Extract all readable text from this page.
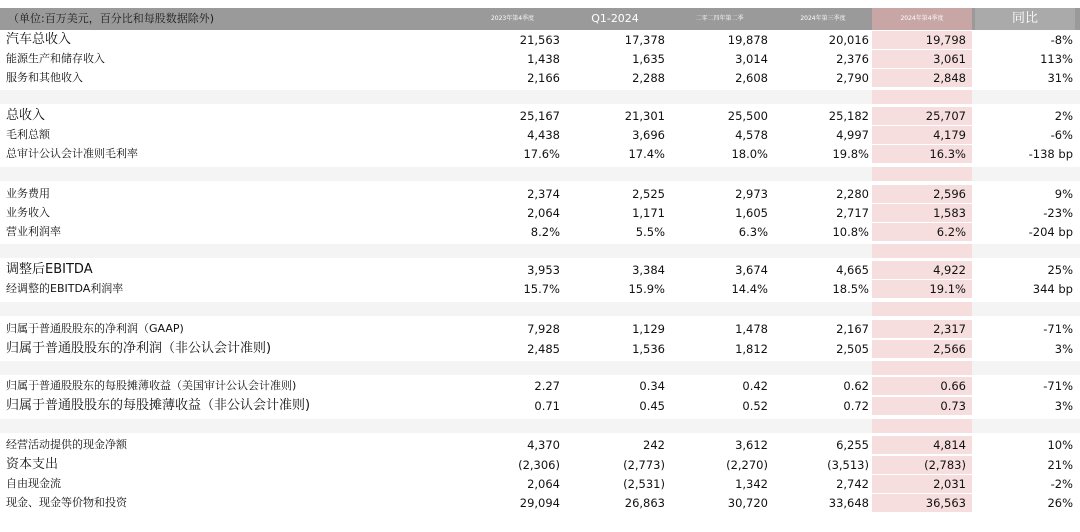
（单位:百万美元，百分比和每股数据除外)	2023年第4季度	Q1-2024	二零二四年第二季	2024年第三季度	2024年第4季度	同比
汽车总收入	21,563	17,378	19,878	20,016	19,798	-8%
能源生产和储存收入	1,438	1,635	3,014	2,376	3,061	113%
服务和其他收入	2,166	2,288	2,608	2,790	2,848	31%
总收入	25,167	21,301	25,500	25,182	25,707	2%
毛利总额	4,438	3,696	4,578	4,997	4,179	-6%
总审计公认会计准则毛利率	17.6%	17.4%	18.0%	19.8%	16.3%	-138 bp
业务费用	2,374	2,525	2,973	2,280	2,596	9%
业务收入	2,064	1,171	1,605	2,717	1,583	-23%
营业利润率	8.2%	5.5%	6.3%	10.8%	6.2%	-204 bp
调整后EBITDA	3,953	3,384	3,674	4,665	4,922	25%
经调整的EBITDA利润率	15.7%	15.9%	14.4%	18.5%	19.1%	344 bp
归属于普通股股东的净利润（GAAP)	7,928	1,129	1,478	2,167	2,317	-71%
归属于普通股股东的净利润（非公认会计准则)	2,485	1,536	1,812	2,505	2,566	3%
归属于普通股股东的每股摊薄收益（美国审计公认会计准则)	2.27	0.34	0.42	0.62	0.66	-71%
归属于普通股股东的每股摊薄收益（非公认会计准则)	0.71	0.45	0.52	0.72	0.73	3%
经营活动提供的现金净额	4,370	242	3,612	6,255	4,814	10%
资本支出	(2,306)	(2,773)	(2,270)	(3,513)	(2,783)	21%
自由现金流	2,064	(2,531)	1,342	2,742	2,031	-2%
现金、现金等价物和投资	29,094	26,863	30,720	33,648	36,563	26%
